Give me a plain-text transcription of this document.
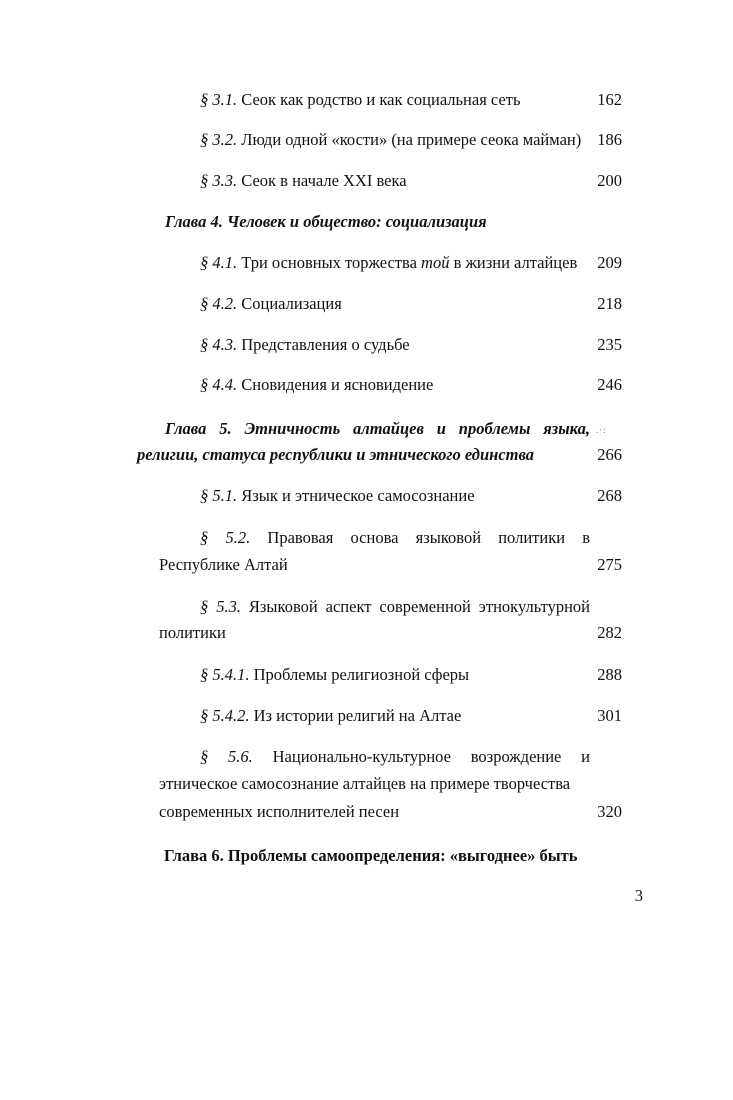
§ 3.1. Сеок как родство и как социальная сеть	162
§ 3.2. Люди одной «кости» (на примере сеока майман) 186
§ 3.3. Сеок в начале XXI века	200
Глава 4. Человек и общество: социализация
§ 4.1. Три основных торжества той в жизни алтайцев 209
§ 4.2. Социализация	218
§ 4.3. Представления о судьбе	235
§ 4.4. Сновидения и ясновидение	246
Глава 5. Этничность алтайцев и проблемы языка,
религии, статуса республики и этнического единства	266
.·:
§ 5.1. Язык и этническое самосознание	268
§ 5.2. Правовая основа языковой политики в
Республике Алтай	275
§ 5.3. Языковой аспект современной этнокультурной
политики	282
§ 5.4.1. Проблемы религиозной сферы	288
§ 5.4.2. Из истории религий на Алтае	301
§ 5.6. Национально-культурное возрождение и
этническое самосознание алтайцев на примере творчества
современных исполнителей песен	320
Глава 6. Проблемы самоопределения: «выгоднее» быть
3
